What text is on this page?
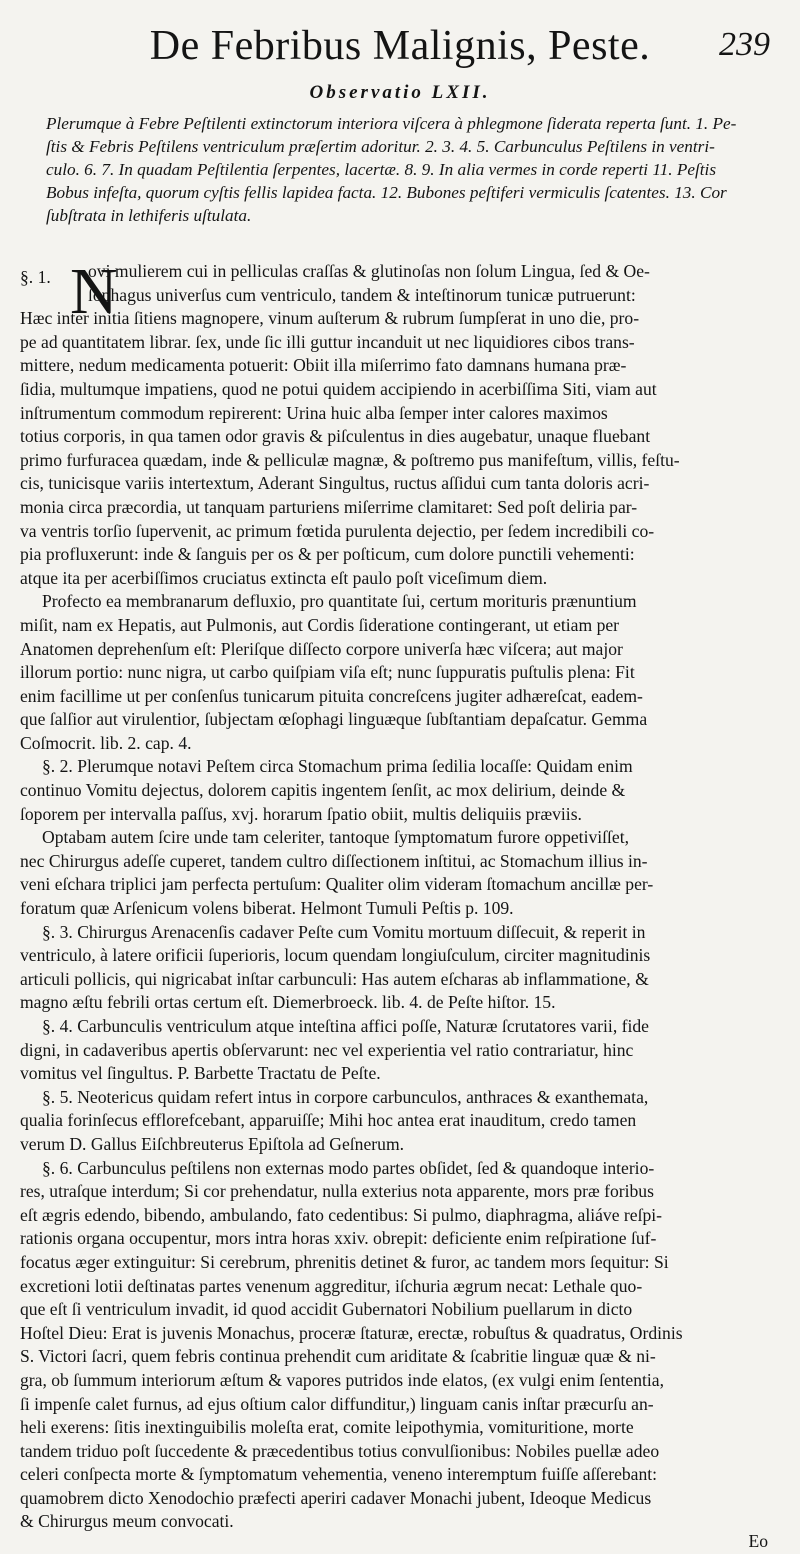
De Febribus Malignis, Peste.	239
Observatio LXII.
Plerumque à Febre Peſtilenti extinctorum interiora viſcera à phlegmone ſiderata reperta ſunt. 1. Pe-
ſtis & Febris Peſtilens ventriculum præſertim adoritur. 2. 3. 4. 5. Carbunculus Peſtilens in ventri-
culo. 6. 7. In quadam Peſtilentia ſerpentes, lacertæ. 8. 9. In alia vermes in corde reperti 11. Peſtis
Bobus infeſta, quorum cyſtis fellis lapidea facta. 12. Bubones peſtiferi vermiculis ſcatentes. 13. Cor
ſubſtrata in lethiferis uſtulata.
§. 1. N
ovi mulierem cui in pelliculas craſſas & glutinoſas non ſolum Lingua, ſed & Oe-
ſophagus univerſus cum ventriculo, tandem & inteſtinorum tunicæ putruerunt:
Hæc inter initia ſitiens magnopere, vinum auſterum & rubrum ſumpſerat in uno die, pro-
pe ad quantitatem librar. ſex, unde ſic illi guttur incanduit ut nec liquidiores cibos trans-
mittere, nedum medicamenta potuerit: Obiit illa miſerrimo fato damnans humana præ-
ſidia, multumque impatiens, quod ne potui quidem accipiendo in acerbiſſima Siti, viam aut
inſtrumentum commodum repirerent: Urina huic alba ſemper inter calores maximos
totius corporis, in qua tamen odor gravis & piſculentus in dies augebatur, unaque fluebant
primo furfuracea quædam, inde & pelliculæ magnæ, & poſtremo pus manifeſtum, villis, feſtu-
cis, tunicisque variis intertextum, Aderant Singultus, ructus aſſidui cum tanta doloris acri-
monia circa præcordia, ut tanquam parturiens miſerrime clamitaret: Sed poſt deliria par-
va ventris torſio ſupervenit, ac primum fœtida purulenta dejectio, per ſedem incredibili co-
pia profluxerunt: inde & ſanguis per os & per poſticum, cum dolore punctili vehementi:
atque ita per acerbiſſimos cruciatus extincta eſt paulo poſt viceſimum diem.
Profecto ea membranarum defluxio, pro quantitate ſui, certum morituris prænuntium
miſit, nam ex Hepatis, aut Pulmonis, aut Cordis ſideratione contingerant, ut etiam per
Anatomen deprehenſum eſt: Pleriſque diſſecto corpore univerſa hæc viſcera; aut major
illorum portio: nunc nigra, ut carbo quiſpiam viſa eſt; nunc ſuppuratis puſtulis plena: Fit
enim facillime ut per conſenſus tunicarum pituita concreſcens jugiter adhæreſcat, eadem-
que ſalſior aut virulentior, ſubjectam œſophagi linguæque ſubſtantiam depaſcatur. Gemma
Coſmocrit. lib. 2. cap. 4.
§. 2. Plerumque notavi Peſtem circa Stomachum prima ſedilia locaſſe: Quidam enim
continuo Vomitu dejectus, dolorem capitis ingentem ſenſit, ac mox delirium, deinde &
ſoporem per intervalla paſſus, xvj. horarum ſpatio obiit, multis deliquiis præviis.
Optabam autem ſcire unde tam celeriter, tantoque ſymptomatum furore oppetiviſſet,
nec Chirurgus adeſſe cuperet, tandem cultro diſſectionem inſtitui, ac Stomachum illius in-
veni eſchara triplici jam perfecta pertuſum: Qualiter olim videram ſtomachum ancillæ per-
foratum quæ Arſenicum volens biberat. Helmont Tumuli Peſtis p. 109.
§. 3. Chirurgus Arenacenſis cadaver Peſte cum Vomitu mortuum diſſecuit, & reperit in
ventriculo, à latere orificii ſuperioris, locum quendam longiuſculum, circiter magnitudinis
articuli pollicis, qui nigricabat inſtar carbunculi: Has autem eſcharas ab inflammatione, &
magno æſtu febrili ortas certum eſt. Diemerbroeck. lib. 4. de Peſte hiſtor. 15.
§. 4. Carbunculis ventriculum atque inteſtina affici poſſe, Naturæ ſcrutatores varii, fide
digni, in cadaveribus apertis obſervarunt: nec vel experientia vel ratio contrariatur, hinc
vomitus vel ſingultus. P. Barbette Tractatu de Peſte.
§. 5. Neotericus quidam refert intus in corpore carbunculos, anthraces & exanthemata,
qualia forinſecus efflorefcebant, apparuiſſe; Mihi hoc antea erat inauditum, credo tamen
verum D. Gallus Eiſchbreuterus Epiſtola ad Geſnerum.
§. 6. Carbunculus peſtilens non externas modo partes obſidet, ſed & quandoque interio-
res, utraſque interdum; Si cor prehendatur, nulla exterius nota apparente, mors præ foribus
eſt ægris edendo, bibendo, ambulando, fato cedentibus: Si pulmo, diaphragma, aliáve reſpi-
rationis organa occupentur, mors intra horas xxiv. obrepit: deficiente enim reſpiratione ſuf-
focatus æger extinguitur: Si cerebrum, phrenitis detinet & furor, ac tandem mors ſequitur: Si
excretioni lotii deſtinatas partes venenum aggreditur, iſchuria ægrum necat: Lethale quo-
que eſt ſi ventriculum invadit, id quod accidit Gubernatori Nobilium puellarum in dicto
Hoſtel Dieu: Erat is juvenis Monachus, proceræ ſtaturæ, erectæ, robuſtus & quadratus, Ordinis
S. Victori ſacri, quem febris continua prehendit cum ariditate & ſcabritie linguæ quæ & ni-
gra, ob ſummum interiorum æſtum & vapores putridos inde elatos, (ex vulgi enim ſententia,
ſi impenſe calet furnus, ad ejus oſtium calor diffunditur,) linguam canis inſtar præcurſu an-
heli exerens: ſitis inextinguibilis moleſta erat, comite leipothymia, vomituritione, morte
tandem triduo poſt ſuccedente & præcedentibus totius convulſionibus: Nobiles puellæ adeo
celeri conſpecta morte & ſymptomatum vehementia, veneno interemptum fuiſſe aſſerebant:
quamobrem dicto Xenodochio præfecti aperiri cadaver Monachi jubent, Ideoque Medicus
& Chirurgus meum convocati.
Eo
